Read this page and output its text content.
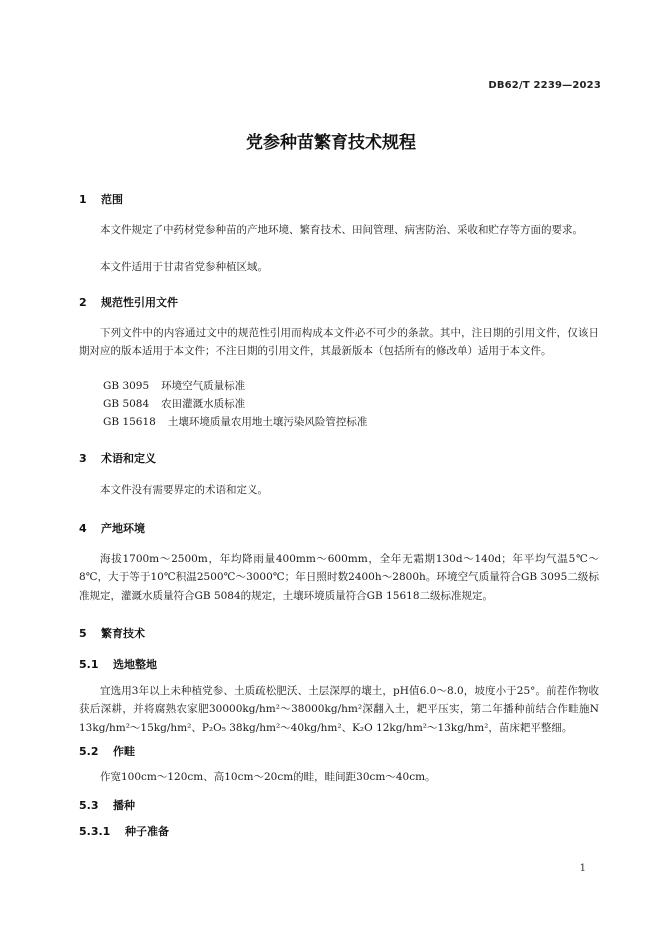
DB62/T 2239—2023
党参种苗繁育技术规程
1 范围

本文件规定了中药材党参种苗的产地环境、繁育技术、田间管理、病害防治、采收和贮存等方面的要求。

本文件适用于甘肃省党参种植区域。

2 规范性引用文件

下列文件中的内容通过文中的规范性引用而构成本文件必不可少的条款。其中，注日期的引用文件，仅该日期对应的版本适用于本文件；不注日期的引用文件，其最新版本（包括所有的修改单）适用于本文件。

GB 3095 环境空气质量标准
GB 5084 农田灌溉水质标准
GB 15618 土壤环境质量农用地土壤污染风险管控标准
3 术语和定义

本文件没有需要界定的术语和定义。

4 产地环境

海拔1700m～2500m，年均降雨量400mm～600mm，全年无霜期130d～140d；年平均气温5℃～8℃，大于等于10℃积温2500℃～3000℃；年日照时数2400h～2800h。环境空气质量符合GB 3095二级标准规定，灌溉水质量符合GB 5084的规定，土壤环境质量符合GB 15618二级标准规定。

5 繁育技术
5.1 选地整地

宜选用3年以上未种植党参、土质疏松肥沃、土层深厚的壤土，pH值6.0～8.0，坡度小于25°。前茬作物收获后深耕，并将腐熟农家肥30000kg/hm²～38000kg/hm²深翻入土，耙平压实，第二年播种前结合作畦施N 13kg/hm²～15kg/hm²、P₂O₅ 38kg/hm²～40kg/hm²、K₂O 12kg/hm²～13kg/hm²，苗床耙平整细。

5.2 作畦

作宽100cm～120cm、高10cm～20cm的畦，畦间距30cm～40cm。

5.3 播种
5.3.1 种子准备
1
